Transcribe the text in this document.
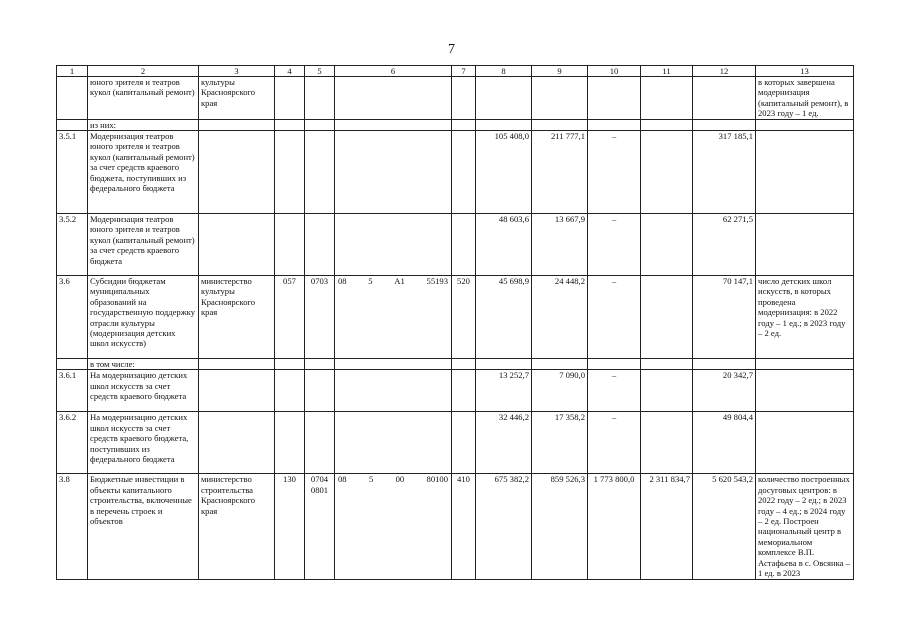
7
1	2	3	4	5	6	7	8	9	10	11	12	13
	юного зрителя и театров кукол (капитальный ремонт)	культуры Красноярского края										в которых завершена модернизация (капитальный ремонт), в 2023 году – 1 ед.
	из них:				

3.5.1	Модернизация театров юного зрителя и театров кукол (капитальный ремонт) за счет средств краевого бюджета, поступивших из федерального бюджета						105 408,0	211 777,1	–		317 185,1	
3.5.2	Модернизация театров юного зрителя и театров кукол (капитальный ремонт) за счет средств краевого бюджета						48 603,6	13 667,9	–		62 271,5	
3.6	Субсидии бюджетам муниципальных образований на государственную поддержку отрасли культуры (модернизация детских школ искусств)	министерство культуры Красноярского края	057	0703	08 5 А1 55193	520	45 698,9	24 448,2	–		70 147,1	число детских школ искусств, в которых проведена модернизация: в 2022 году – 1 ед.; в 2023 году – 2 ед.
	в том числе:				

3.6.1	На модернизацию детских школ искусств за счет средств краевого бюджета						13 252,7	7 090,0	–		20 342,7	
3.6.2	На модернизацию детских школ искусств за счет средств краевого бюджета, поступивших из федерального бюджета						32 446,2	17 358,2	–		49 804,4	
3.8	Бюджетные инвестиции в объекты капитального строительства, включенные в перечень строек и объектов	министерство строительства Красноярского края	130	0704 0801	08 5 00 80100	410	675 382,2	859 526,3	1 773 800,0	2 311 834,7	5 620 543,2	количество построенных досуговых центров: в 2022 году – 2 ед.; в 2023 году – 4 ед.; в 2024 году – 2 ед. Построен национальный центр в мемориальном комплексе В.П. Астафьева в с. Овсянка – 1 ед. в 2023
